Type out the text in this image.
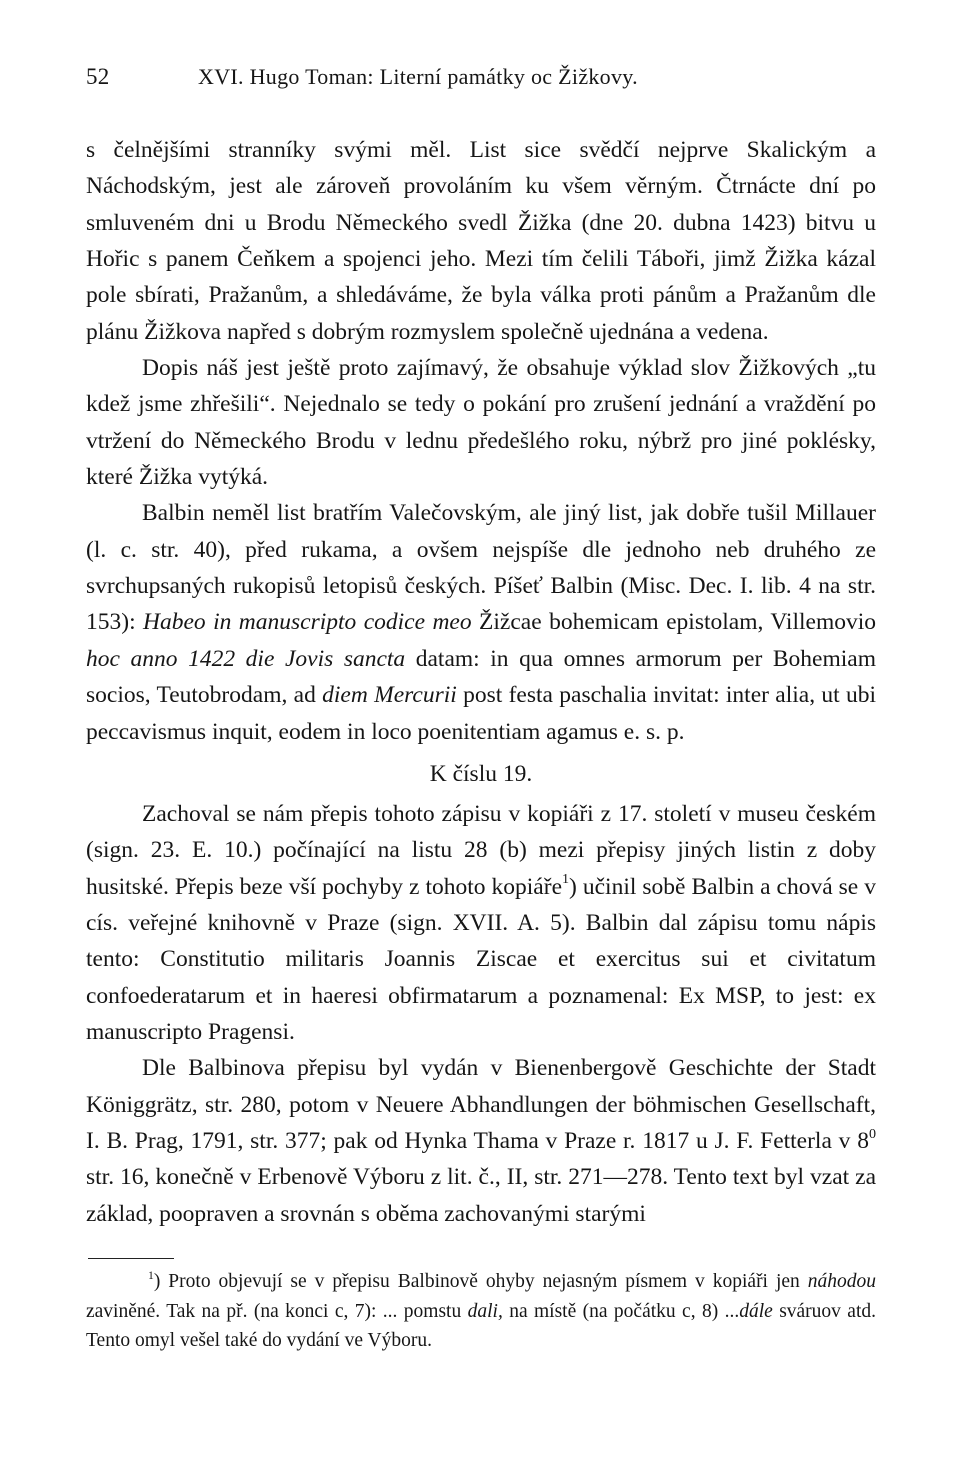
52	XVI. Hugo Toman: Literní památky oc Žižkovy.

s čelnějšími stranníky svými měl. List sice svědčí nejprve Skalickým a Náchodským, jest ale zároveň provoláním ku všem věrným. Čtrnácte dní po smluveném dni u Brodu Německého svedl Žižka (dne 20. dubna 1423) bitvu u Hořic s panem Čeňkem a spojenci jeho. Mezi tím čelili Táboři, jimž Žižka kázal pole sbírati, Pražanům, a shledáváme, že byla válka proti pánům a Pražanům dle plánu Žižkova napřed s dobrým rozmyslem společně ujednána a vedena.

Dopis náš jest ještě proto zajímavý, že obsahuje výklad slov Žižkových „tu kdež jsme zhřešili“. Nejednalo se tedy o pokání pro zrušení jednání a vraždění po vtržení do Německého Brodu v lednu předešlého roku, nýbrž pro jiné poklésky, které Žižka vytýká.

Balbin neměl list bratřím Valečovským, ale jiný list, jak dobře tušil Millauer (l. c. str. 40), před rukama, a ovšem nejspíše dle jednoho neb druhého ze svrchupsaných rukopisů letopisů českých. Píšeť Balbin (Misc. Dec. I. lib. 4 na str. 153): Habeo in manuscripto codice meo Žižcae bohemicam epistolam, Villemovio hoc anno 1422 die Jovis sancta datam: in qua omnes armorum per Bohemiam socios, Teutobrodam, ad diem Mercurii post festa paschalia invitat: inter alia, ut ubi peccavismus inquit, eodem in loco poenitentiam agamus e. s. p.

K číslu 19.

Zachoval se nám přepis tohoto zápisu v kopiáři z 17. století v museu českém (sign. 23. E. 10.) počínající na listu 28 (b) mezi přepisy jiných listin z doby husitské. Přepis beze vší pochyby z tohoto kopiáře$^1$) učinil sobě Balbin a chová se v cís. veřejné knihovně v Praze (sign. XVII. A. 5). Balbin dal zápisu tomu nápis tento: Constitutio militaris Joannis Ziscae et exercitus sui et civitatum confoederatarum et in haeresi obfirmatarum a poznamenal: Ex MSP, to jest: ex manuscripto Pragensi.

Dle Balbinova přepisu byl vydán v Bienenbergově Geschichte der Stadt Königgrätz, str. 280, potom v Neuere Abhandlungen der böhmischen Gesellschaft, I. B. Prag, 1791, str. 377; pak od Hynka Thama v Praze r. 1817 u J. F. Fetterla v $8^0$ str. 16, konečně v Erbenově Výboru z lit. č., II, str. 271—278. Tento text byl vzat za základ, poopraven a srovnán s oběma zachovanými starými

$^1$) Proto objevují se v přepisu Balbinově ohyby nejasným písmem v kopiáři jen náhodou zaviněné. Tak na př. (na konci c, 7): ... pomstu dali, na místě (na počátku c, 8) ...dále sváruov atd. Tento omyl vešel také do vydání ve Výboru.
